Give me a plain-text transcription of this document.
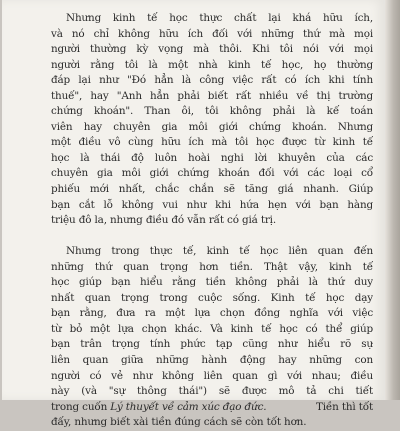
Nhưng kinh tế học thực chất lại khá hữu ích,
và nó chỉ không hữu ích đối với những thứ mà mọi
người thường kỳ vọng mà thôi. Khi tôi nói với mọi
người rằng tôi là một nhà kinh tế học, họ thường
đáp lại như "Đó hẳn là công việc rất có ích khi tính
thuế", hay "Anh hẳn phải biết rất nhiều về thị trường
chứng khoán". Than ôi, tôi không phải là kế toán
viên hay chuyên gia môi giới chứng khoán. Nhưng
một điều vô cùng hữu ích mà tôi học được từ kinh tế
học là thái độ luôn hoài nghi lời khuyên của các
chuyên gia môi giới chứng khoán đối với các loại cổ
phiếu mới nhất, chắc chắn sẽ tăng giá nhanh. Giúp
bạn cắt lỗ không vui như khi hứa hẹn với bạn hàng
triệu đô la, nhưng điều đó vẫn rất có giá trị.
Nhưng trong thực tế, kinh tế học liên quan đến
những thứ quan trọng hơn tiền. Thật vậy, kinh tế
học giúp bạn hiểu rằng tiền không phải là thứ duy
nhất quan trọng trong cuộc sống. Kinh tế học dạy
bạn rằng, đưa ra một lựa chọn đồng nghĩa với việc
từ bỏ một lựa chọn khác. Và kinh tế học có thể giúp
bạn trân trọng tính phức tạp cũng như hiểu rõ sự
liên quan giữa những hành động hay những con
người có vẻ như không liên quan gì với nhau; điều
này (và "sự thông thái") sẽ được mô tả chi tiết
trong cuốn Lý thuyết về cảm xúc đạo đức.	Tiền thì tốt
đấy, nhưng biết xài tiền đúng cách sẽ còn tốt hơn.
